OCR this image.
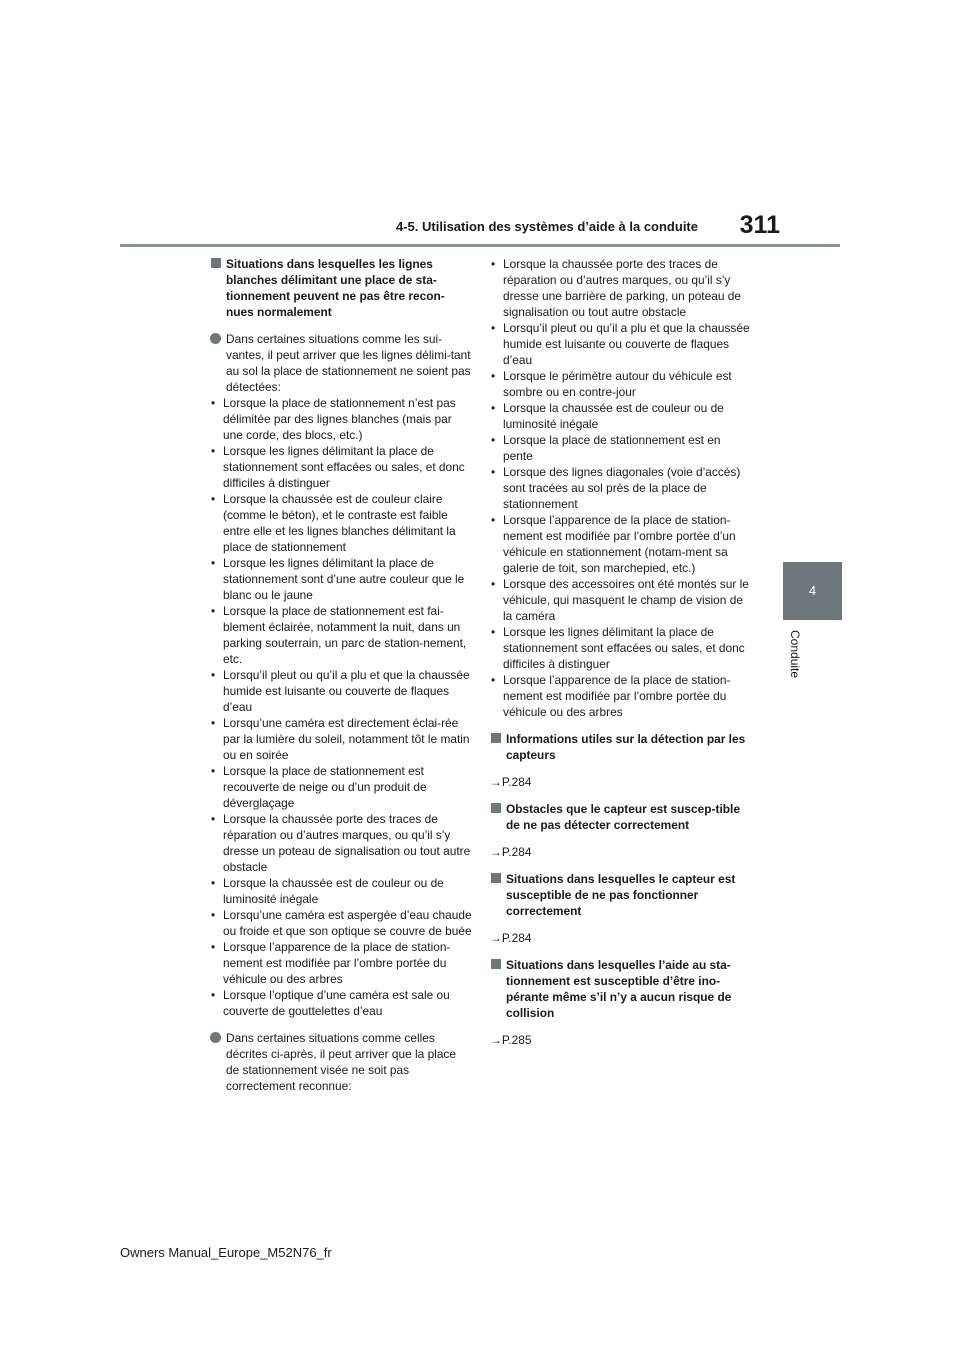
4-5. Utilisation des systèmes d’aide à la conduite	311
4
Conduite
Situations dans lesquelles les lignes blanches délimitant une place de sta-tionnement peuvent ne pas être recon-nues normalement
Dans certaines situations comme les sui-vantes, il peut arriver que les lignes délimi-tant au sol la place de stationnement ne soient pas détectées:
• Lorsque la place de stationnement n’est pas délimitée par des lignes blanches (mais par une corde, des blocs, etc.)
• Lorsque les lignes délimitant la place de stationnement sont effacées ou sales, et donc difficiles à distinguer
• Lorsque la chaussée est de couleur claire (comme le béton), et le contraste est faible entre elle et les lignes blanches délimitant la place de stationnement
• Lorsque les lignes délimitant la place de stationnement sont d’une autre couleur que le blanc ou le jaune
• Lorsque la place de stationnement est fai-blement éclairée, notamment la nuit, dans un parking souterrain, un parc de station-nement, etc.
• Lorsqu’il pleut ou qu’il a plu et que la chaussée humide est luisante ou couverte de flaques d’eau
• Lorsqu’une caméra est directement éclai-rée par la lumière du soleil, notamment tôt le matin ou en soirée
• Lorsque la place de stationnement est recouverte de neige ou d’un produit de déverglaçage
• Lorsque la chaussée porte des traces de réparation ou d’autres marques, ou qu’il s’y dresse un poteau de signalisation ou tout autre obstacle
• Lorsque la chaussée est de couleur ou de luminosité inégale
• Lorsqu’une caméra est aspergée d’eau chaude ou froide et que son optique se couvre de buée
• Lorsque l’apparence de la place de station-nement est modifiée par l’ombre portée du véhicule ou des arbres
• Lorsque l’optique d’une caméra est sale ou couverte de gouttelettes d’eau
Dans certaines situations comme celles décrites ci-après, il peut arriver que la place de stationnement visée ne soit pas correctement reconnue:
• Lorsque la chaussée porte des traces de réparation ou d’autres marques, ou qu’il s’y dresse une barrière de parking, un poteau de signalisation ou tout autre obstacle
• Lorsqu’il pleut ou qu’il a plu et que la chaussée humide est luisante ou couverte de flaques d’eau
• Lorsque le périmètre autour du véhicule est sombre ou en contre-jour
• Lorsque la chaussée est de couleur ou de luminosité inégale
• Lorsque la place de stationnement est en pente
• Lorsque des lignes diagonales (voie d’accès) sont tracées au sol près de la place de stationnement
• Lorsque l’apparence de la place de station-nement est modifiée par l’ombre portée d’un véhicule en stationnement (notam-ment sa galerie de toit, son marchepied, etc.)
• Lorsque des accessoires ont été montés sur le véhicule, qui masquent le champ de vision de la caméra
• Lorsque les lignes délimitant la place de stationnement sont effacées ou sales, et donc difficiles à distinguer
• Lorsque l’apparence de la place de station-nement est modifiée par l’ombre portée du véhicule ou des arbres
Informations utiles sur la détection par les capteurs
→P.284
Obstacles que le capteur est suscep-tible de ne pas détecter correctement
→P.284
Situations dans lesquelles le capteur est susceptible de ne pas fonctionner correctement
→P.284
Situations dans lesquelles l’aide au sta-tionnement est susceptible d’être ino-pérante même s’il n’y a aucun risque de collision
→P.285
Owners Manual_Europe_M52N76_fr
